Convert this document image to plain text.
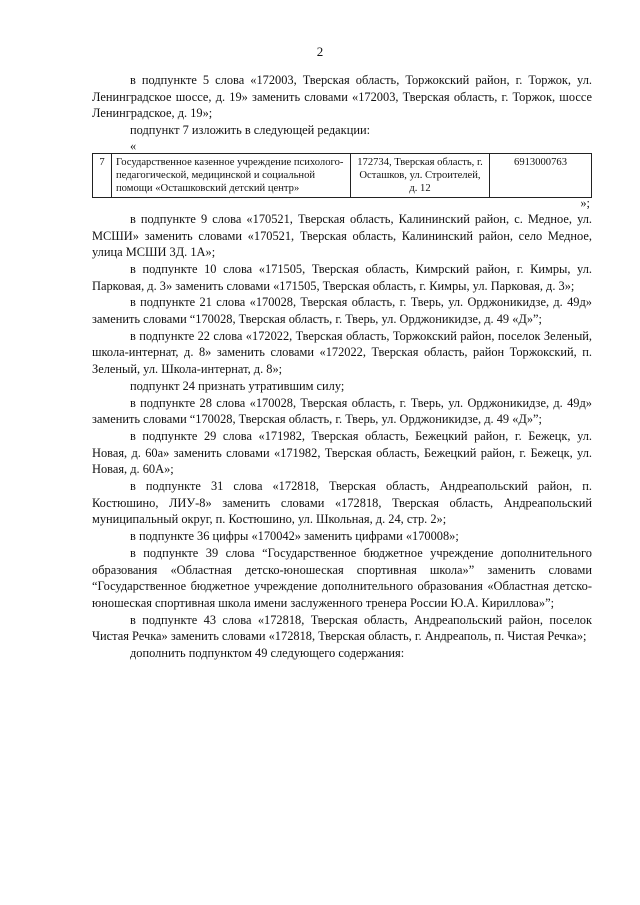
2

в подпункте 5 слова «172003, Тверская область, Торжокский район, г. Торжок, ул. Ленинградское шоссе, д. 19» заменить словами «172003, Тверская область, г. Торжок, шоссе Ленинградское, д. 19»;

подпункт 7 изложить в следующей редакции:

«

7	Государственное казенное учреждение психолого-педагогической, медицинской и социальной помощи «Осташковский детский центр»	172734, Тверская область, г. Осташков, ул. Строителей, д. 12	6913000763

»;

в подпункте 9 слова «170521, Тверская область, Калининский район, с. Медное, ул. МСШИ» заменить словами «170521, Тверская область, Калининский район, село Медное, улица МСШИ 3Д. 1А»;

в подпункте 10 слова «171505, Тверская область, Кимрский район, г. Кимры, ул. Парковая, д. 3» заменить словами «171505, Тверская область, г. Кимры, ул. Парковая, д. 3»;

в подпункте 21 слова «170028, Тверская область, г. Тверь, ул. Орджоникидзе, д. 49д» заменить словами “170028, Тверская область, г. Тверь, ул. Орджоникидзе, д. 49 «Д»”;

в подпункте 22 слова «172022, Тверская область, Торжокский район, поселок Зеленый, школа-интернат, д. 8» заменить словами «172022, Тверская область, район Торжокский, п. Зеленый, ул. Школа-интернат, д. 8»;

подпункт 24 признать утратившим силу;

в подпункте 28 слова «170028, Тверская область, г. Тверь, ул. Орджоникидзе, д. 49д» заменить словами “170028, Тверская область, г. Тверь, ул. Орджоникидзе, д. 49 «Д»”;

в подпункте 29 слова «171982, Тверская область, Бежецкий район, г. Бежецк, ул. Новая, д. 60а» заменить словами «171982, Тверская область, Бежецкий район, г. Бежецк, ул. Новая, д. 60А»;

в подпункте 31 слова «172818, Тверская область, Андреапольский район, п. Костюшино, ЛИУ-8» заменить словами «172818, Тверская область, Андреапольский муниципальный округ, п. Костюшино, ул. Школьная, д. 24, стр. 2»;

в подпункте 36 цифры «170042» заменить цифрами «170008»;

в подпункте 39 слова “Государственное бюджетное учреждение дополнительного образования «Областная детско-юношеская спортивная школа»” заменить словами “Государственное бюджетное учреждение дополнительного образования «Областная детско-юношеская спортивная школа имени заслуженного тренера России Ю.А. Кириллова»”;

в подпункте 43 слова «172818, Тверская область, Андреапольский район, поселок Чистая Речка» заменить словами «172818, Тверская область, г. Андреаполь, п. Чистая Речка»;

дополнить подпунктом 49 следующего содержания:
